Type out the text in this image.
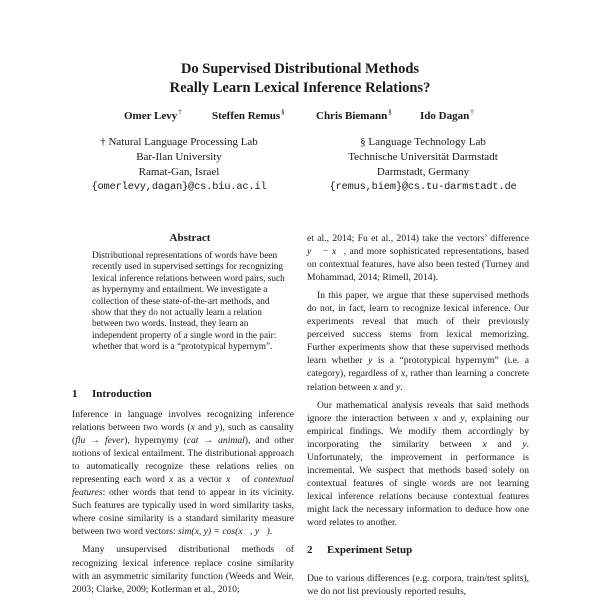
Do Supervised Distributional Methods
Really Learn Lexical Inference Relations?
Omer Levy†	Steffen Remus§	Chris Biemann§	Ido Dagan†
† Natural Language Processing Lab
Bar-Ilan University
Ramat-Gan, Israel
{omerlevy,dagan}@cs.biu.ac.il
§ Language Technology Lab
Technische Universität Darmstadt
Darmstadt, Germany
{remus,biem}@cs.tu-darmstadt.de
Abstract

Distributional representations of words have been recently used in supervised settings for recognizing lexical inference relations between word pairs, such as hypernymy and entailment. We investigate a collection of these state-of-the-art methods, and show that they do not actually learn a relation between two words. Instead, they learn an independent property of a single word in the pair: whether that word is a “prototypical hypernym”.

1 Introduction

Inference in language involves recognizing inference relations between two words (x and y), such as causality (flu → fever), hypernymy (cat → animal), and other notions of lexical entailment. The distributional approach to automatically recognize these relations relies on representing each word x as a vector x⃗ of contextual features: other words that tend to appear in its vicinity. Such features are typically used in word similarity tasks, where cosine similarity is a standard similarity measure between two word vectors: sim(x, y) = cos(x⃗, y⃗).

Many unsupervised distributional methods of recognizing lexical inference replace cosine similarity with an asymmetric similarity function (Weeds and Weir, 2003; Clarke, 2009; Kotlerman et al., 2010;

et al., 2014; Fu et al., 2014) take the vectors’ difference y⃗ − x⃗, and more sophisticated representations, based on contextual features, have also been tested (Turney and Mohammad, 2014; Rimell, 2014).

In this paper, we argue that these supervised methods do not, in fact, learn to recognize lexical inference. Our experiments reveal that much of their previously perceived success stems from lexical memorizing. Further experiments show that these supervised methods learn whether y is a “prototypical hypernym” (i.e. a category), regardless of x, rather than learning a concrete relation between x and y.

Our mathematical analysis reveals that said methods ignore the interaction between x and y, explaining our empirical findings. We modify them accordingly by incorporating the similarity between x and y. Unfortunately, the improvement in performance is incremental. We suspect that methods based solely on contextual features of single words are not learning lexical inference relations because contextual features might lack the necessary information to deduce how one word relates to another.

2 Experiment Setup

Due to various differences (e.g. corpora, train/test splits), we do not list previously reported results,
